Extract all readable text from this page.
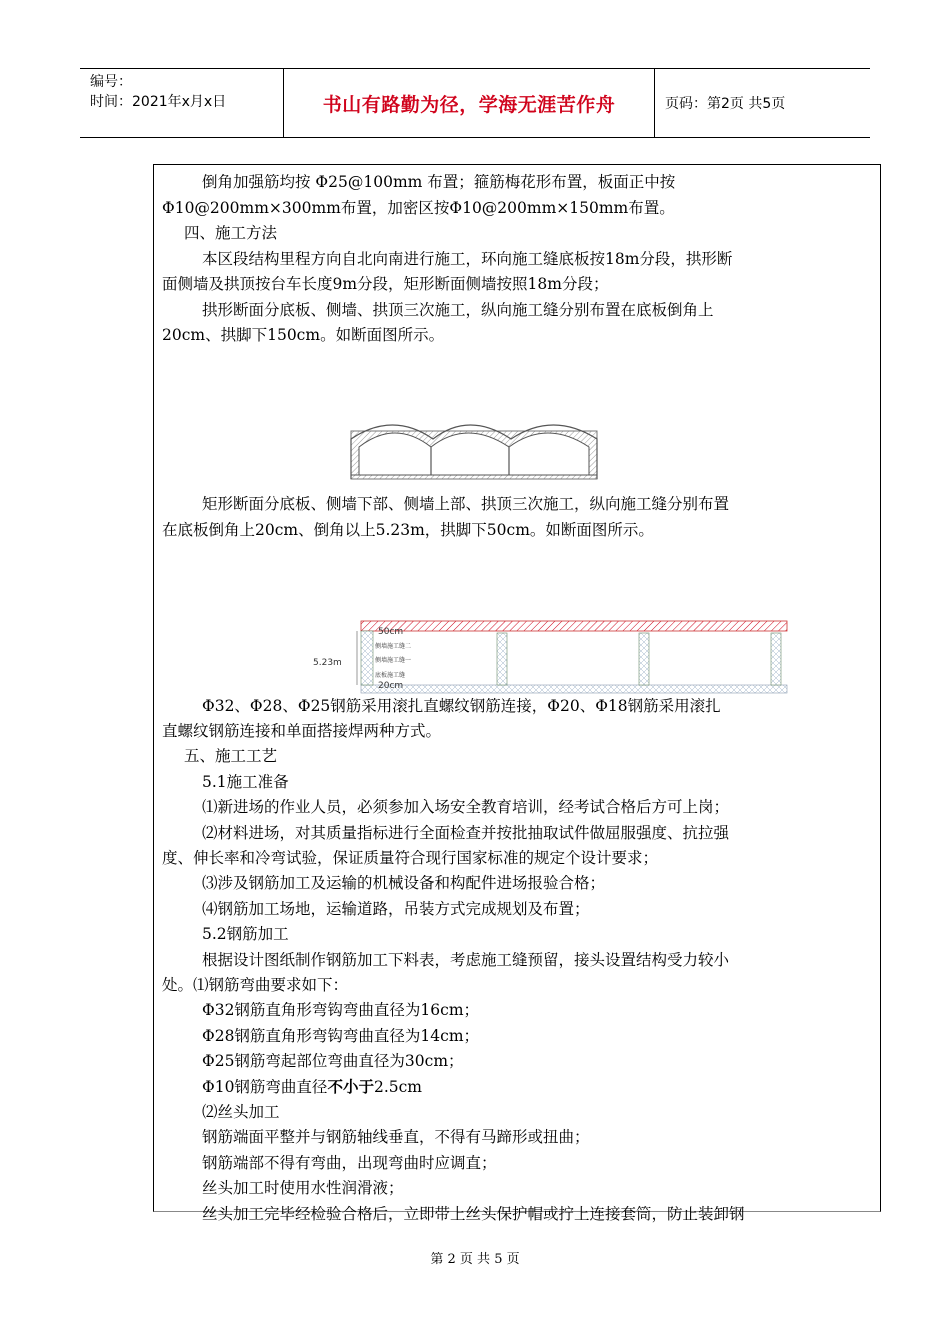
编号：
时间：2021年x月x日	书山有路勤为径，学海无涯苦作舟	页码：第2页 共5页
倒角加强筋均按 Φ25@100mm 布置；箍筋梅花形布置，板面正中按
Φ10@200mm×300mm布置，加密区按Φ10@200mm×150mm布置。
四、施工方法
本区段结构里程方向自北向南进行施工，环向施工缝底板按18m分段，拱形断
面侧墙及拱顶按台车长度9m分段，矩形断面侧墙按照18m分段；
拱形断面分底板、侧墙、拱顶三次施工，纵向施工缝分别布置在底板倒角上
20cm、拱脚下150cm。如断面图所示。
矩形断面分底板、侧墙下部、侧墙上部、拱顶三次施工，纵向施工缝分别布置
在底板倒角上20cm、倒角以上5.23m，拱脚下50cm。如断面图所示。
50cm
侧墙施工缝二
侧墙施工缝一
5.23m
底板施工缝
20cm
Φ32、Φ28、Φ25钢筋采用滚扎直螺纹钢筋连接，Φ20、Φ18钢筋采用滚扎
直螺纹钢筋连接和单面搭接焊两种方式。
五、施工工艺
5.1施工准备
⑴新进场的作业人员，必须参加入场安全教育培训，经考试合格后方可上岗；
⑵材料进场，对其质量指标进行全面检查并按批抽取试件做屈服强度、抗拉强
度、伸长率和冷弯试验，保证质量符合现行国家标准的规定个设计要求；
⑶涉及钢筋加工及运输的机械设备和构配件进场报验合格；
⑷钢筋加工场地，运输道路，吊装方式完成规划及布置；
5.2钢筋加工
根据设计图纸制作钢筋加工下料表，考虑施工缝预留，接头设置结构受力较小
处。⑴钢筋弯曲要求如下：
Φ32钢筋直角形弯钩弯曲直径为16cm；
Φ28钢筋直角形弯钩弯曲直径为14cm；
Φ25钢筋弯起部位弯曲直径为30cm；
Φ10钢筋弯曲直径不小于2.5cm
⑵丝头加工
钢筋端面平整并与钢筋轴线垂直，不得有马蹄形或扭曲；
钢筋端部不得有弯曲，出现弯曲时应调直；
丝头加工时使用水性润滑液；
丝头加工完毕经检验合格后，立即带上丝头保护帽或拧上连接套筒，防止装卸钢
第 2 页 共 5 页
